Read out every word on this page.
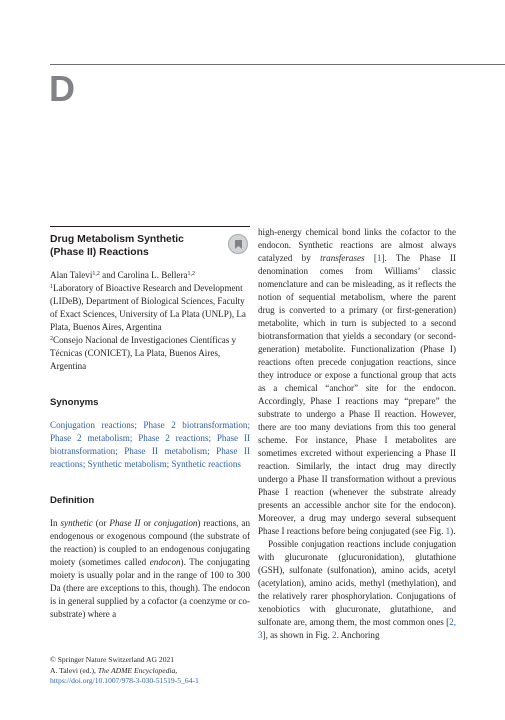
D
Drug Metabolism Synthetic
(Phase II) Reactions
Alan Talevi$^{1,2}$ and Carolina L. Bellera$^{1,2}$
$^1$Laboratory of Bioactive Research and Development (LIDeB), Department of Biological Sciences, Faculty of Exact Sciences, University of La Plata (UNLP), La Plata, Buenos Aires, Argentina
$^2$Consejo Nacional de Investigaciones Científicas y Técnicas (CONICET), La Plata, Buenos Aires, Argentina
Synonyms

Conjugation reactions; Phase 2 biotransformation; Phase 2 metabolism; Phase 2 reactions; Phase II biotransformation; Phase II metabolism; Phase II reactions; Synthetic metabolism; Synthetic reactions

Definition

In synthetic (or Phase II or conjugation) reactions, an endogenous or exogenous compound (the substrate of the reaction) is coupled to an endogenous conjugating moiety (sometimes called endocon). The conjugating moiety is usually polar and in the range of 100 to 300 Da (there are exceptions to this, though). The endocon is in general supplied by a cofactor (a coenzyme or co-substrate) where a

high-energy chemical bond links the cofactor to the endocon. Synthetic reactions are almost always catalyzed by transferases [1]. The Phase II denomination comes from Williams’ classic nomenclature and can be misleading, as it reflects the notion of sequential metabolism, where the parent drug is converted to a primary (or first-generation) metabolite, which in turn is subjected to a second biotransformation that yields a secondary (or second-generation) metabolite. Functionalization (Phase I) reactions often precede conjugation reactions, since they introduce or expose a functional group that acts as a chemical “anchor” site for the endocon. Accordingly, Phase I reactions may “prepare” the substrate to undergo a Phase II reaction. However, there are too many deviations from this too general scheme. For instance, Phase I metabolites are sometimes excreted without experiencing a Phase II reaction. Similarly, the intact drug may directly undergo a Phase II transformation without a previous Phase I reaction (whenever the substrate already presents an accessible anchor site for the endocon). Moreover, a drug may undergo several subsequent Phase I reactions before being conjugated (see Fig. 1).

Possible conjugation reactions include conjugation with glucuronate (glucuronidation), glutathione (GSH), sulfonate (sulfonation), amino acids, acetyl (acetylation), amino acids, methyl (methylation), and the relatively rarer phosphorylation. Conjugations of xenobiotics with glucuronate, glutathione, and sulfonate are, among them, the most common ones [2, 3], as shown in Fig. 2. Anchoring

© Springer Nature Switzerland AG 2021
A. Talevi (ed.), The ADME Encyclopedia,
https://doi.org/10.1007/978-3-030-51519-5_64-1
